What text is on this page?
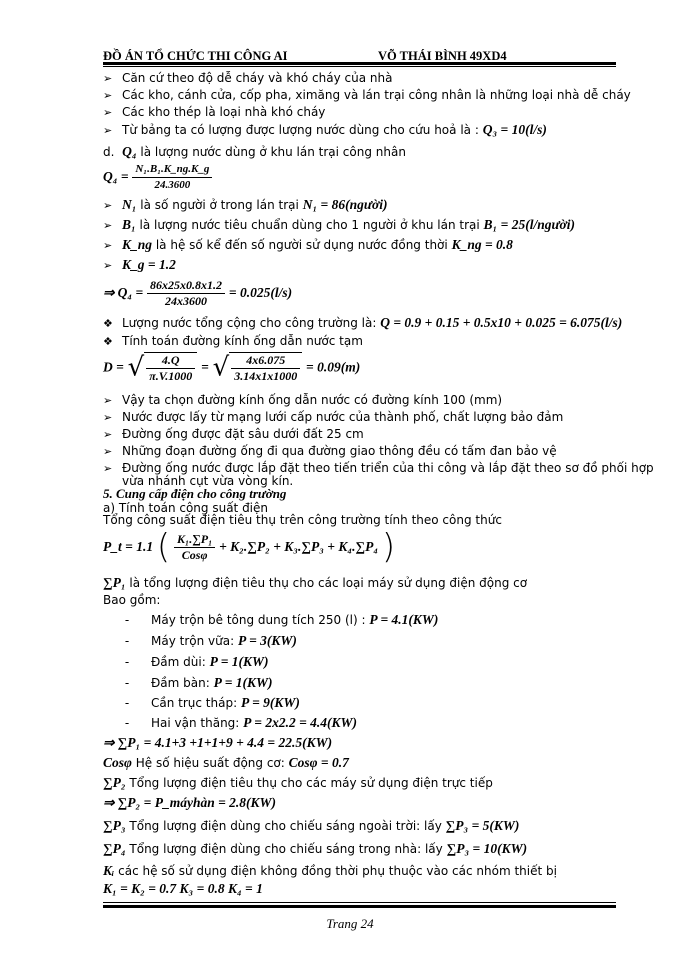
ĐỒ ÁN TỔ CHỨC THI CÔNG AI	VÕ THÁI BÌNH 49XD4
➢ Căn cứ theo độ dễ cháy và khó cháy của nhà
➢ Các kho, cánh cửa, cốp pha, ximăng và lán trại công nhân là những loại nhà dễ cháy
➢ Các kho thép là loại nhà khó cháy
➢ Từ bảng ta có lượng được lượng nước dùng cho cứu hoả là : Q₃ = 10(l/s)
d. Q₄ là lượng nước dùng ở khu lán trại công nhân
$Q_4 = \frac{\text{N₁.B₁.K\_ng.K\_g}}{24.3600}$
➢ N₁ là số người ở trong lán trại N₁ = 86(người)
➢ B₁ là lượng nước tiêu chuẩn dùng cho 1 người ở khu lán trại B₁ = 25(l/người)
➢ K_ng là hệ số kể đến số người sử dụng nước đồng thời K_ng = 0.8
➢ K_g = 1.2
⇒ $Q_4 = \frac{86x25x0.8x1.2}{24x3600} = 0.025(l/s)$
❖ Lượng nước tổng cộng cho công trường là: Q = 0.9 + 0.15 + 0.5x10 + 0.025 = 6.075(l/s)
❖ Tính toán đường kính ống dẫn nước tạm
D = √ $\frac{4.Q}{\pi.V.1000}$ = √ $\frac{4x6.075}{3.14x1x1000} = 0.09(m)$
➢ Vậy ta chọn đường kính ống dẫn nước có đường kính 100 (mm)
➢ Nước được lấy từ mạng lưới cấp nước của thành phố, chất lượng bảo đảm
➢ Đường ống được đặt sâu dưới đất 25 cm
➢ Những đoạn đường ống đi qua đường giao thông đều có tấm đan bảo vệ
➢ Đường ống nước được lắp đặt theo tiến triển của thi công và lắp đặt theo sơ đồ phối hợp
vừa nhánh cụt vừa vòng kín.
5. Cung cấp điện cho công trường
a) Tính toán công suất điện
Tổng công suất điện tiêu thụ trên công trường tính theo công thức
P_t = 1.1 ( $\frac{\text{K₁.∑P₁}}{\text{Cosφ}} + K_2.\sum P_2 + K_3.\sum P_3 + K_4.\sum P_4$ )
∑P₁ là tổng lượng điện tiêu thụ cho các loại máy sử dụng điện động cơ
Bao gồm:
- Máy trộn bê tông dung tích 250 (l) : P = 4.1(KW)
- Máy trộn vữa: P = 3(KW)
- Đầm dùi: P = 1(KW)
- Đầm bàn: P = 1(KW)
- Cần trục tháp: P = 9(KW)
- Hai vận thăng: P = 2x2.2 = 4.4(KW)
⇒ ∑P₁ = 4.1+3 +1+1+9 + 4.4 = 22.5(KW)
Cosφ Hệ số hiệu suất động cơ: Cosφ = 0.7
∑P₂ Tổng lượng điện tiêu thụ cho các máy sử dụng điện trực tiếp
⇒ ∑P₂ = P_máyhàn = 2.8(KW)
∑P₃ Tổng lượng điện dùng cho chiếu sáng ngoài trời: lấy ∑P₃ = 5(KW)
∑P₄ Tổng lượng điện dùng cho chiếu sáng trong nhà: lấy ∑P₃ = 10(KW)
Kᵢ các hệ số sử dụng điện không đồng thời phụ thuộc vào các nhóm thiết bị
K₁ = K₂ = 0.7 K₃ = 0.8 K₄ = 1
Trang 24
